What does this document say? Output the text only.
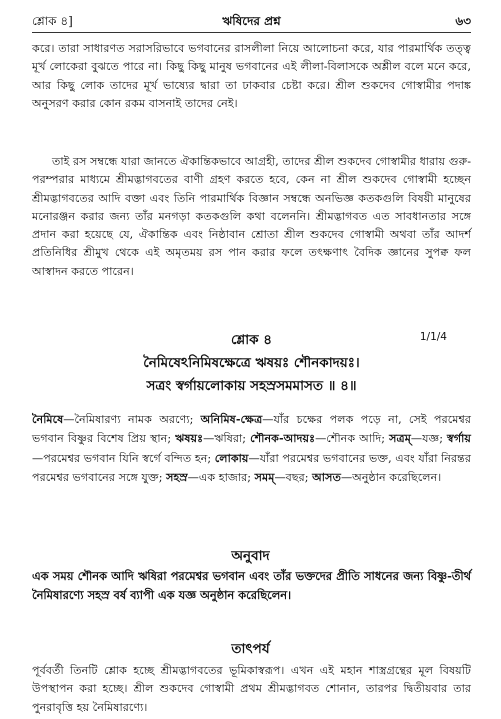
শ্লোক ৪]	ঋষিদের প্রশ্ন	৬৩

করে। তারা সাধারণত সরাসরিভাবে ভগবানের রাসলীলা নিয়ে আলোচনা করে, যার পারমার্থিক তত্ত্ব মূর্খ লোকেরা বুঝতে পারে না। কিছু কিছু মানুষ ভগবানের এই লীলা-বিলাসকে অশ্লীল বলে মনে করে, আর কিছু লোক তাদের মূর্খ ভাষ্যের দ্বারা তা ঢাকবার চেষ্টা করে। শ্রীল শুকদেব গোস্বামীর পদাঙ্ক অনুসরণ করার কোন রকম বাসনাই তাদের নেই।

তাই রস সম্বন্ধে যারা জানতে ঐকান্তিকভাবে আগ্রহী, তাদের শ্রীল শুকদেব গোস্বামীর ধারায় গুরু-পরম্পরার মাধ্যমে শ্রীমদ্ভাগবতের বাণী গ্রহণ করতে হবে, কেন না শ্রীল শুকদেব গোস্বামী হচ্ছেন শ্রীমদ্ভাগবতের আদি বক্তা এবং তিনি পারমার্থিক বিজ্ঞান সম্বন্ধে অনভিজ্ঞ কতকগুলি বিষয়ী মানুষের মনোরঞ্জন করার জন্য তাঁর মনগড়া কতকগুলি কথা বলেননি। শ্রীমদ্ভাগবত এত সাবধানতার সঙ্গে প্রদান করা হয়েছে যে, ঐকান্তিক এবং নিষ্ঠাবান শ্রোতা শ্রীল শুকদেব গোস্বামী অথবা তাঁর আদর্শ প্রতিনিধির শ্রীমুখ থেকে এই অমৃতময় রস পান করার ফলে তৎক্ষণাৎ বৈদিক জ্ঞানের সুপক্ব ফল আস্বাদন করতে পারেন।

শ্লোক ৪	1/1/4
নৈমিষেঽনিমিষক্ষেত্রে ঋষয়ঃ শৌনকাদয়ঃ।
সত্রং স্বর্গায়লোকায় সহস্রসমমাসত ॥ ৪॥

নৈমিষে—নৈমিষারণ্য নামক অরণ্যে; অনিমিষ-ক্ষেত্র—যাঁর চক্ষের পলক পড়ে না, সেই পরমেশ্বর ভগবান বিষ্ণুর বিশেষ প্রিয় স্থান; ঋষয়ঃ—ঋষিরা; শৌনক-আদয়ঃ—শৌনক আদি; সত্রম্—যজ্ঞ; স্বর্গায়—পরমেশ্বর ভগবান যিনি স্বর্গে বন্দিত হন; লোকায়—যাঁরা পরমেশ্বর ভগবানের ভক্ত, এবং যাঁরা নিরন্তর পরমেশ্বর ভগবানের সঙ্গে যুক্ত; সহস্র—এক হাজার; সমম্—বছর; আসত—অনুষ্ঠান করেছিলেন।

অনুবাদ

এক সময় শৌনক আদি ঋষিরা পরমেশ্বর ভগবান এবং তাঁর ভক্তদের প্রীতি সাধনের জন্য বিষ্ণু-তীর্থ নৈমিষারণ্যে সহস্র বর্ষ ব্যাপী এক যজ্ঞ অনুষ্ঠান করেছিলেন।

তাৎপর্য

পূর্ববর্তী তিনটি শ্লোক হচ্ছে শ্রীমদ্ভাগবতের ভূমিকাস্বরূপ। এখন এই মহান শাস্ত্রগ্রন্থের মূল বিষয়টি উপস্থাপন করা হচ্ছে। শ্রীল শুকদেব গোস্বামী প্রথম শ্রীমদ্ভাগবত শোনান, তারপর দ্বিতীয়বার তার পুনরাবৃত্তি হয় নৈমিষারণ্যে।
